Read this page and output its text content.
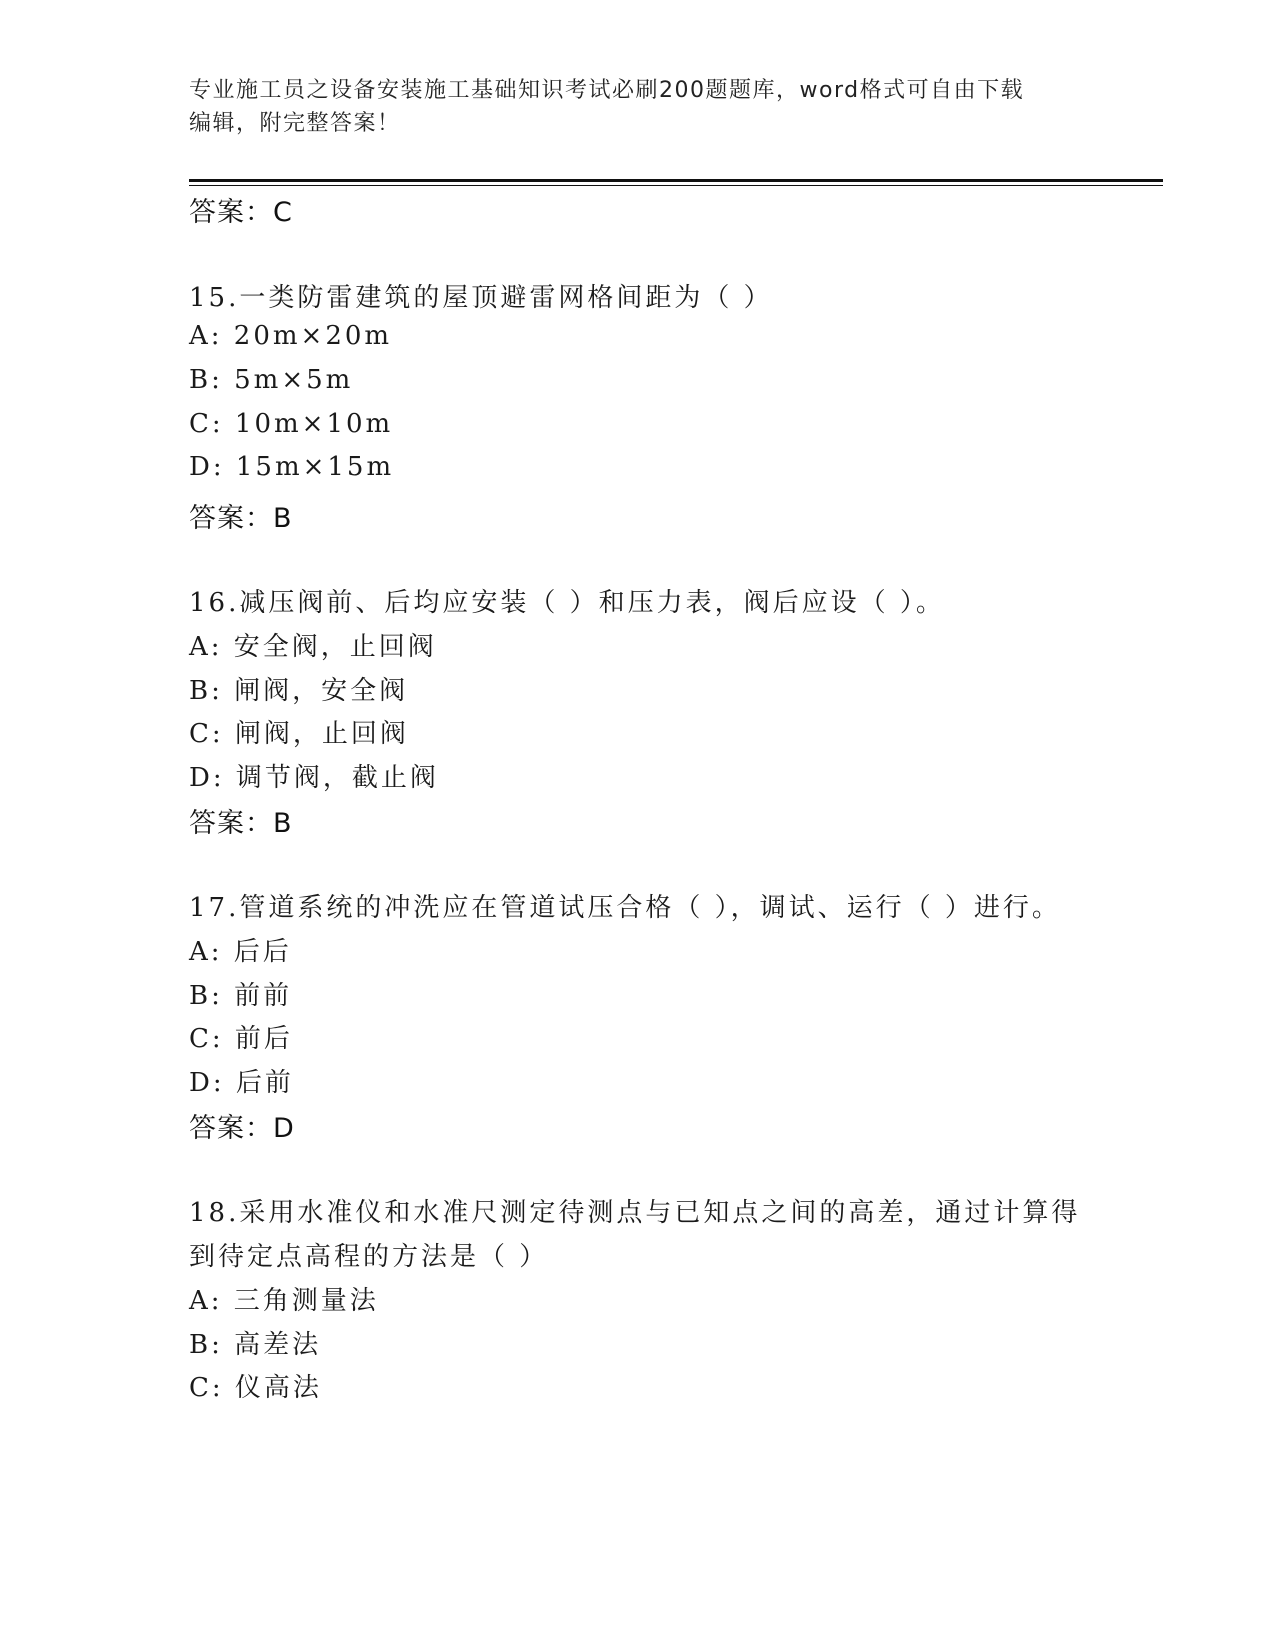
专业施工员之设备安装施工基础知识考试必刷200题题库，word格式可自由下载
编辑，附完整答案！
答案：C
15.一类防雷建筑的屋顶避雷网格间距为（ ）
A: 20m×20m
B: 5m×5m
C: 10m×10m
D: 15m×15m
答案：B
16.减压阀前、后均应安装（ ）和压力表，阀后应设（ ）。
A: 安全阀，止回阀
B: 闸阀，安全阀
C: 闸阀，止回阀
D: 调节阀，截止阀
答案：B
17.管道系统的冲洗应在管道试压合格（ ），调试、运行（ ）进行。
A: 后后
B: 前前
C: 前后
D: 后前
答案：D
18.采用水准仪和水准尺测定待测点与已知点之间的高差，通过计算得
到待定点高程的方法是（ ）
A: 三角测量法
B: 高差法
C: 仪高法
